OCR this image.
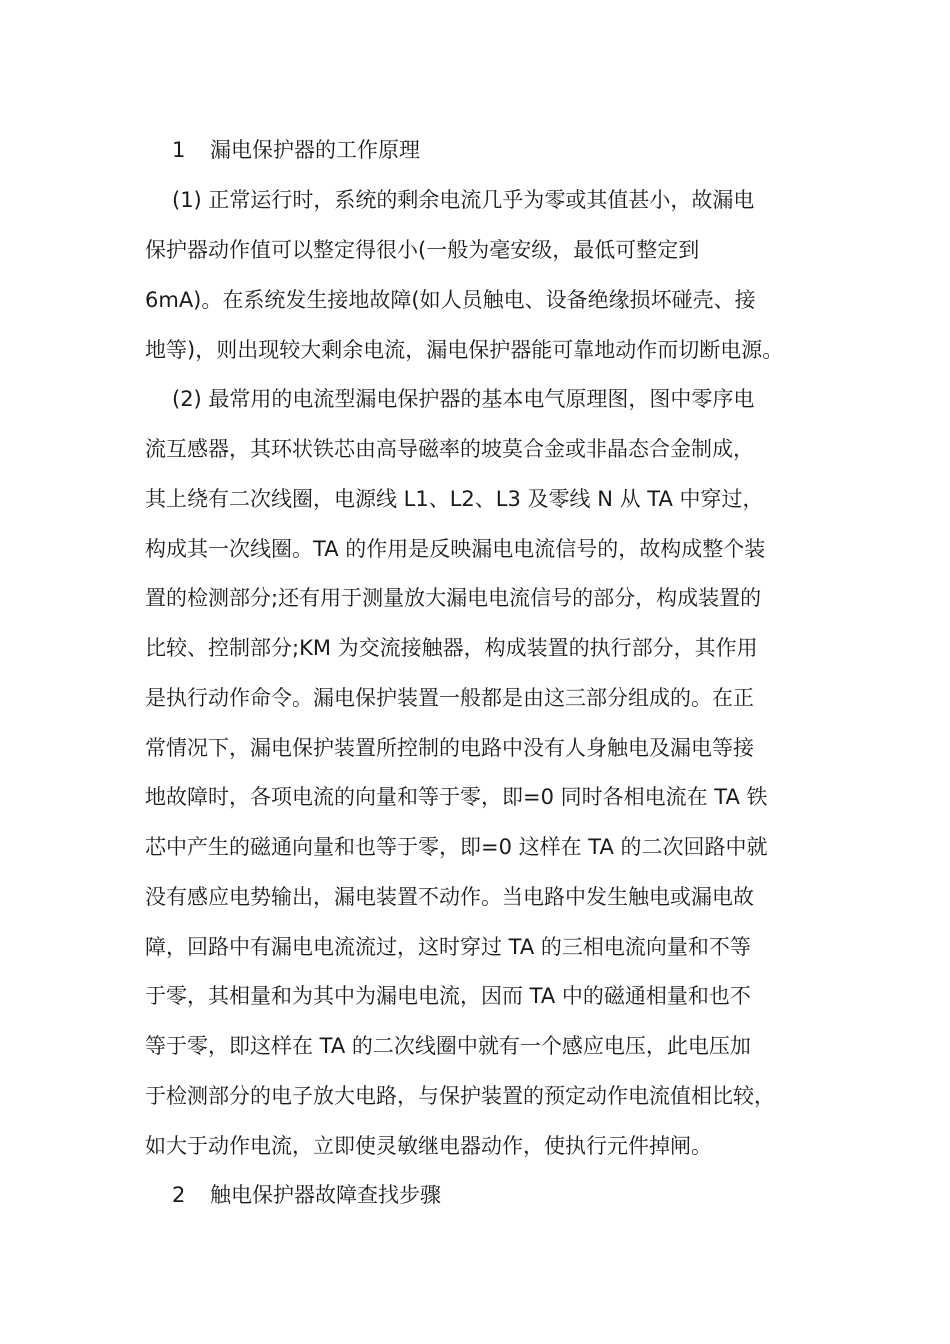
1 漏电保护器的工作原理
(1) 正常运行时，系统的剩余电流几乎为零或其值甚小，故漏电
保护器动作值可以整定得很小(一般为毫安级，最低可整定到
6mA)。在系统发生接地故障(如人员触电、设备绝缘损坏碰壳、接
地等)，则出现较大剩余电流，漏电保护器能可靠地动作而切断电源。
(2) 最常用的电流型漏电保护器的基本电气原理图，图中零序电
流互感器，其环状铁芯由高导磁率的坡莫合金或非晶态合金制成，
其上绕有二次线圈，电源线 L1、L2、L3 及零线 N 从 TA 中穿过，
构成其一次线圈。TA 的作用是反映漏电电流信号的，故构成整个装
置的检测部分;还有用于测量放大漏电电流信号的部分，构成装置的
比较、控制部分;KM 为交流接触器，构成装置的执行部分，其作用
是执行动作命令。漏电保护装置一般都是由这三部分组成的。在正
常情况下，漏电保护装置所控制的电路中没有人身触电及漏电等接
地故障时，各项电流的向量和等于零，即=0 同时各相电流在 TA 铁
芯中产生的磁通向量和也等于零，即=0 这样在 TA 的二次回路中就
没有感应电势输出，漏电装置不动作。当电路中发生触电或漏电故
障，回路中有漏电电流流过，这时穿过 TA 的三相电流向量和不等
于零，其相量和为其中为漏电电流，因而 TA 中的磁通相量和也不
等于零，即这样在 TA 的二次线圈中就有一个感应电压，此电压加
于检测部分的电子放大电路，与保护装置的预定动作电流值相比较，
如大于动作电流，立即使灵敏继电器动作，使执行元件掉闸。
2 触电保护器故障查找步骤
